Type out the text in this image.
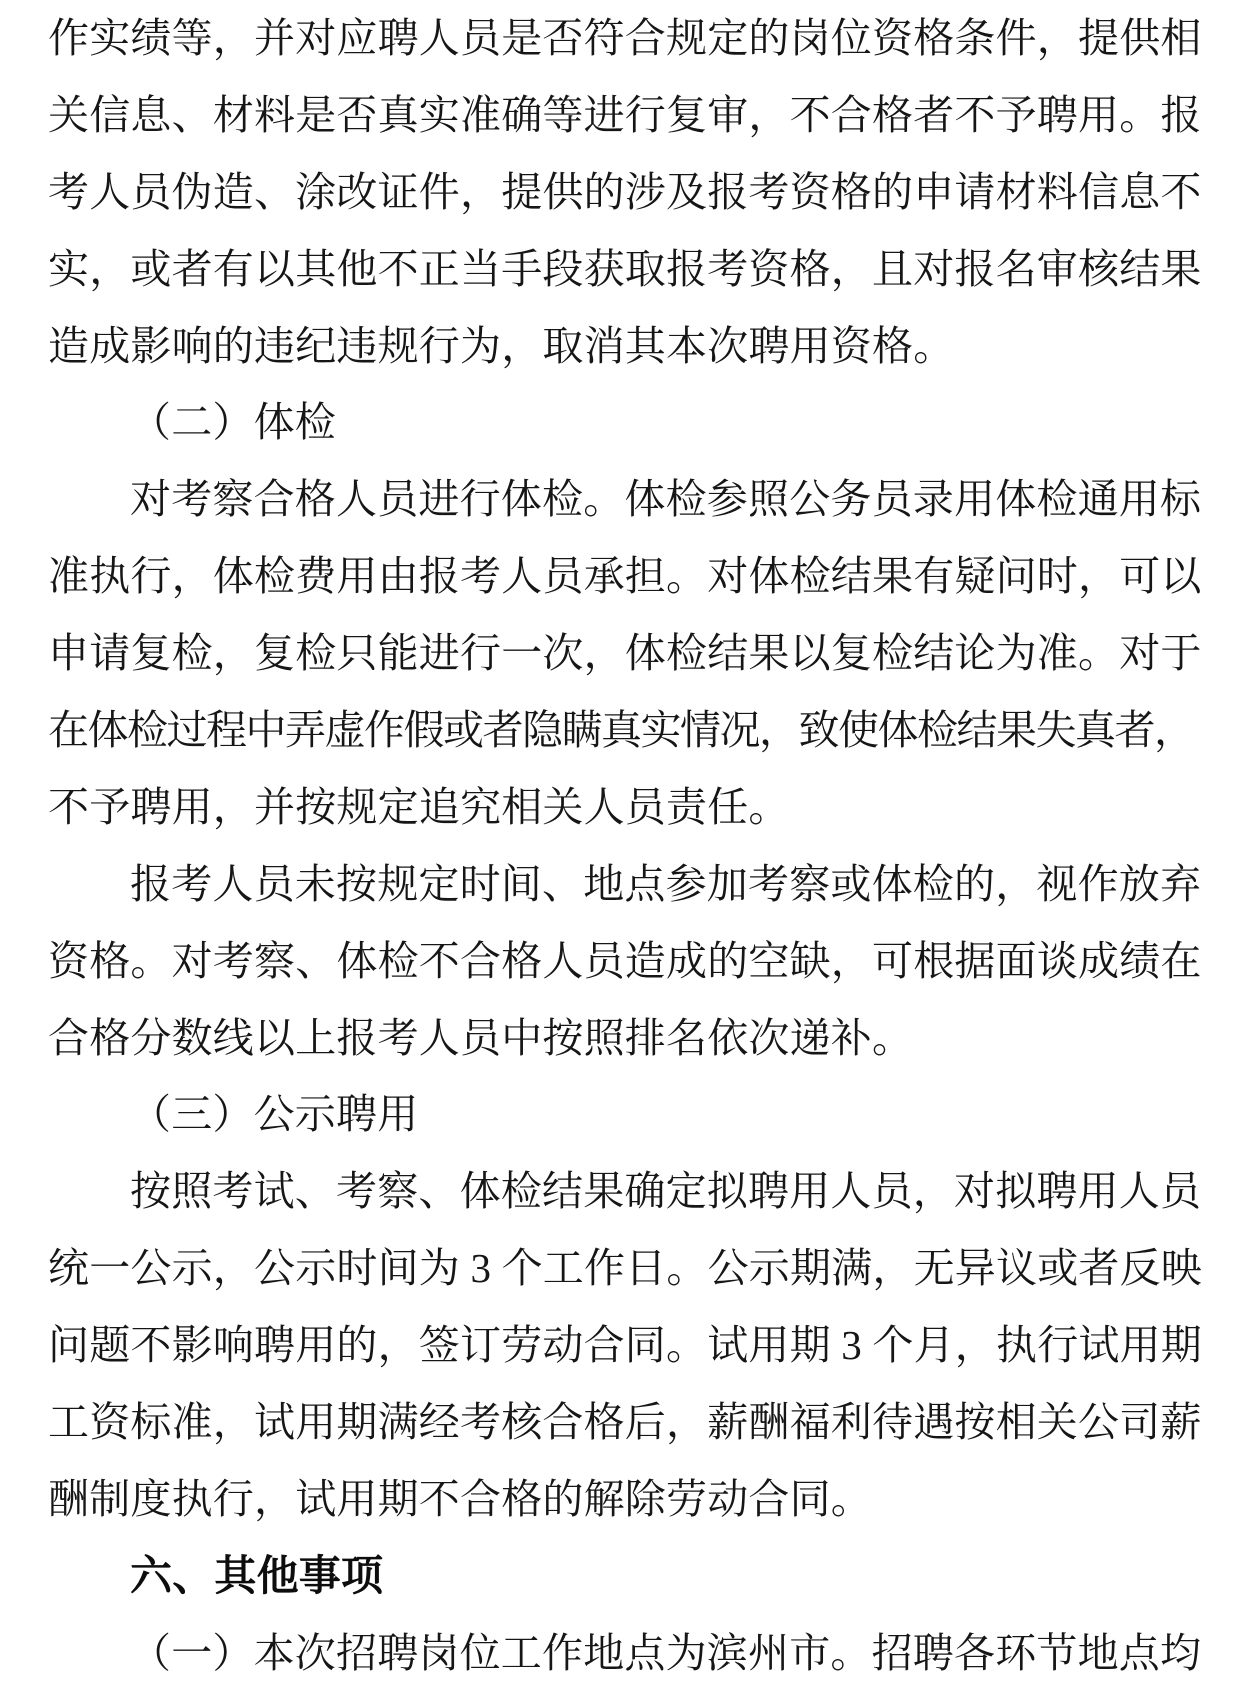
作实绩等，并对应聘人员是否符合规定的岗位资格条件，提供相
关信息、材料是否真实准确等进行复审，不合格者不予聘用。报
考人员伪造、涂改证件，提供的涉及报考资格的申请材料信息不
实，或者有以其他不正当手段获取报考资格，且对报名审核结果
造成影响的违纪违规行为，取消其本次聘用资格。
（二）体检
对考察合格人员进行体检。体检参照公务员录用体检通用标
准执行，体检费用由报考人员承担。对体检结果有疑问时，可以
申请复检，复检只能进行一次，体检结果以复检结论为准。对于
在体检过程中弄虚作假或者隐瞒真实情况，致使体检结果失真者，
不予聘用，并按规定追究相关人员责任。
报考人员未按规定时间、地点参加考察或体检的，视作放弃
资格。对考察、体检不合格人员造成的空缺，可根据面谈成绩在
合格分数线以上报考人员中按照排名依次递补。
（三）公示聘用
按照考试、考察、体检结果确定拟聘用人员，对拟聘用人员
统一公示，公示时间为 3 个工作日。公示期满，无异议或者反映
问题不影响聘用的，签订劳动合同。试用期 3 个月，执行试用期
工资标准，试用期满经考核合格后，薪酬福利待遇按相关公司薪
酬制度执行，试用期不合格的解除劳动合同。
六、其他事项
（一）本次招聘岗位工作地点为滨州市。招聘各环节地点均
